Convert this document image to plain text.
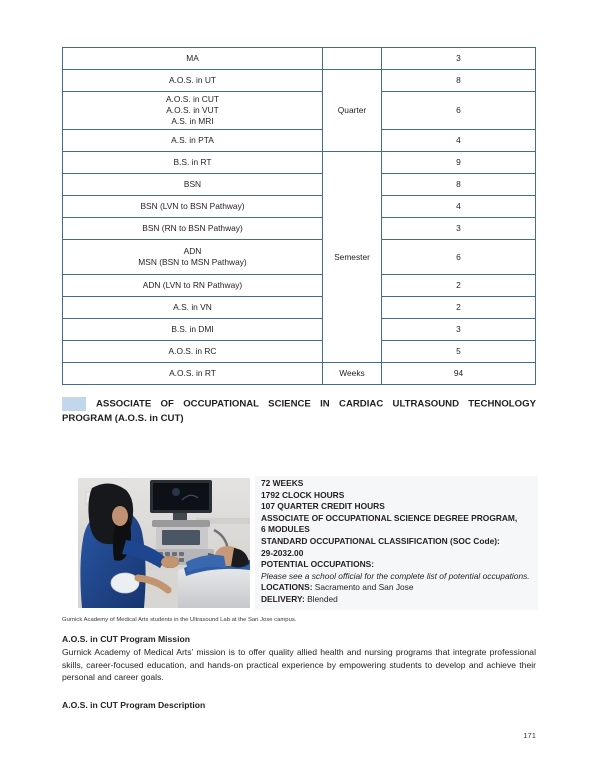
MA		3
A.O.S. in UT	Quarter	8

A.O.S. in CUT
A.O.S. in VUT
A.S. in MRI		6
A.S. in PTA		4
B.S. in RT	Semester	9
BSN		8
BSN (LVN to BSN Pathway)		4
BSN (RN to BSN Pathway)		3

ADN
MSN (BSN to MSN Pathway)		6
ADN (LVN to RN Pathway)		2
A.S. in VN		2
B.S. in DMI		3
A.O.S. in RC		5
A.O.S. in RT	Weeks	94
ASSOCIATE OF OCCUPATIONAL SCIENCE IN CARDIAC ULTRASOUND TECHNOLOGY
PROGRAM (A.O.S. in CUT)
72 WEEKS
1792 CLOCK HOURS
107 QUARTER CREDIT HOURS
ASSOCIATE OF OCCUPATIONAL SCIENCE DEGREE PROGRAM,
6 MODULES
STANDARD OCCUPATIONAL CLASSIFICATION (SOC Code):
29-2032.00
POTENTIAL OCCUPATIONS:
Please see a school official for the complete list of potential occupations.
LOCATIONS: Sacramento and San Jose
DELIVERY: Blended
Gurnick Academy of Medical Arts students in the Ultrasound Lab at the San Jose campus.
A.O.S. in CUT Program Mission
Gurnick Academy of Medical Arts’ mission is to offer quality allied health and nursing programs that integrate professional skills, career-focused education, and hands-on practical experience by empowering students to develop and achieve their personal and career goals.
A.O.S. in CUT Program Description
171
